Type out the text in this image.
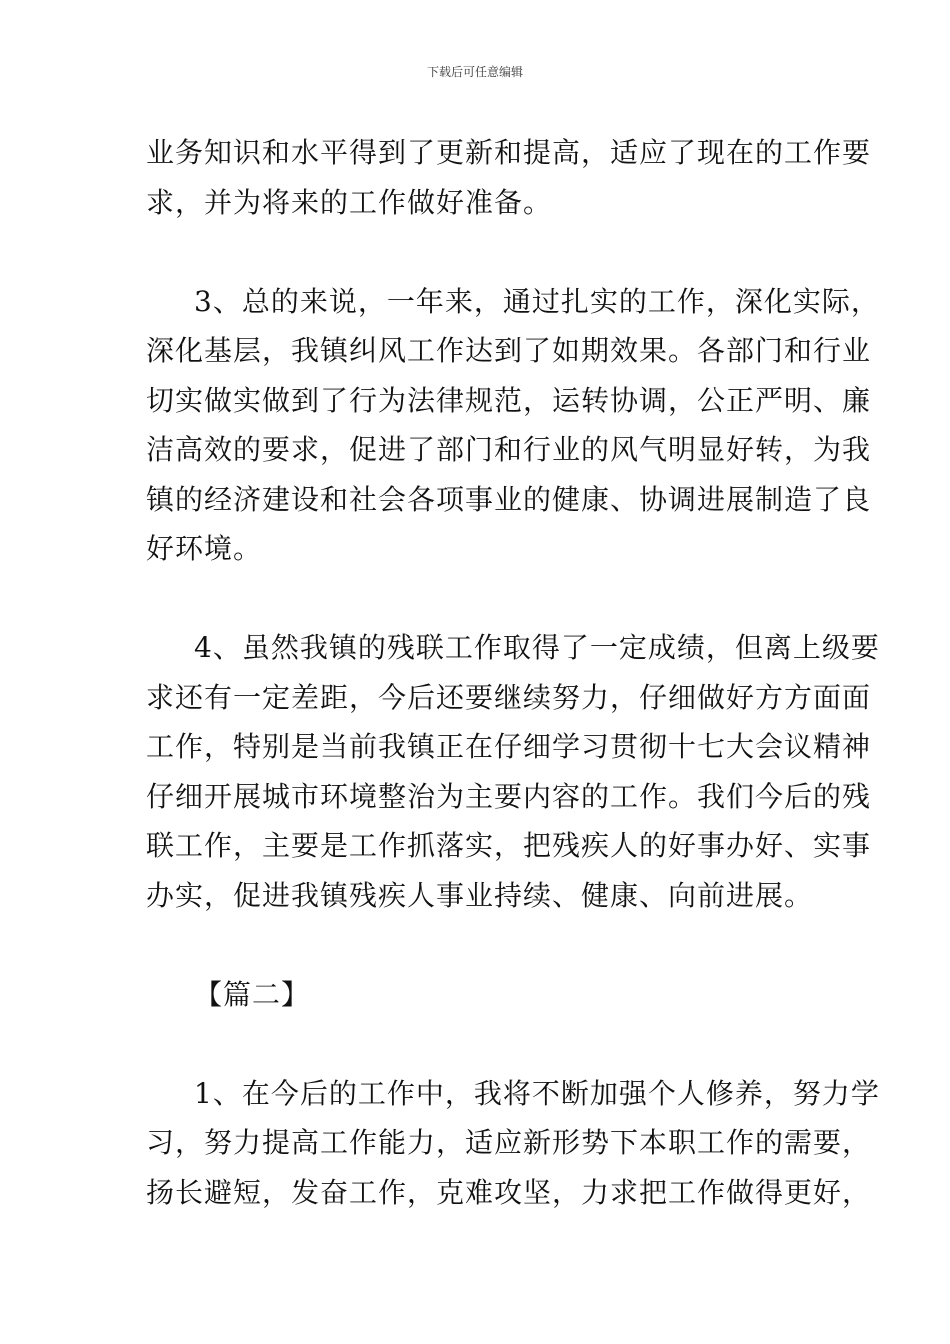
下载后可任意编辑
业务知识和水平得到了更新和提高，适应了现在的工作要
求，并为将来的工作做好准备。
3、总的来说，一年来，通过扎实的工作，深化实际，
深化基层，我镇纠风工作达到了如期效果。各部门和行业
切实做实做到了行为法律规范，运转协调，公正严明、廉
洁高效的要求，促进了部门和行业的风气明显好转，为我
镇的经济建设和社会各项事业的健康、协调进展制造了良
好环境。
4、虽然我镇的残联工作取得了一定成绩，但离上级要
求还有一定差距，今后还要继续努力，仔细做好方方面面
工作，特别是当前我镇正在仔细学习贯彻十七大会议精神
仔细开展城市环境整治为主要内容的工作。我们今后的残
联工作，主要是工作抓落实，把残疾人的好事办好、实事
办实，促进我镇残疾人事业持续、健康、向前进展。
【篇二】
1、在今后的工作中，我将不断加强个人修养，努力学
习，努力提高工作能力，适应新形势下本职工作的需要，
扬长避短，发奋工作，克难攻坚，力求把工作做得更好，
